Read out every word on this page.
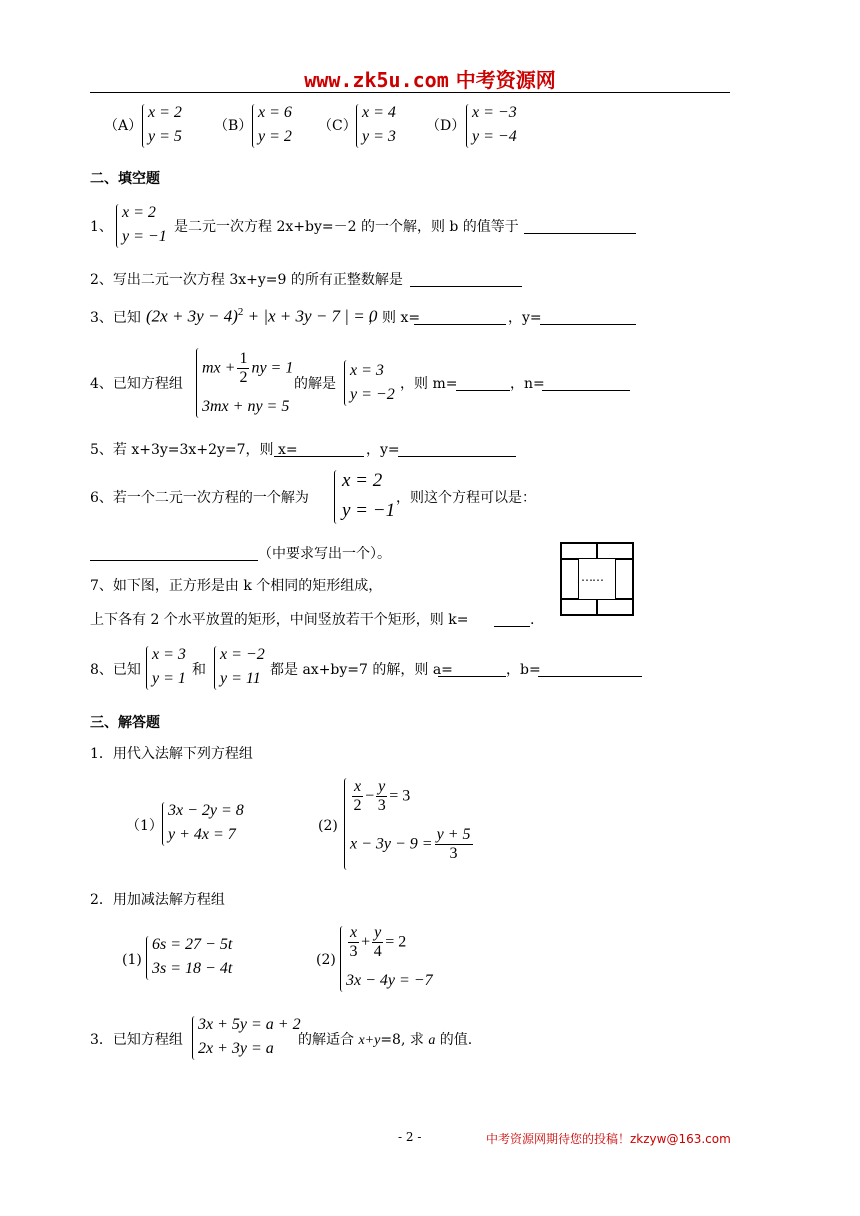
www.zk5u.com 中考资源网
（A）
x = 2
y = 5
（B）
x = 6
y = 2
（C）
x = 4
y = 3
（D）
x = −3
y = −4
二、填空题
1、
x = 2
y = −1
是二元一次方程 2x+by=－2 的一个解，则 b 的值等于
2、写出二元一次方程 3x+y=9 的所有正整数解是
3、已知 $(2x + 3y - 4)^2 + |x + 3y - 7$ | = 0
，则 x=	，y=
4、已知方程组
mx + $\frac{1}{2}$ ny = 1
3mx + ny = 5
的解是
x = 3
y = −2
，则 m=	，n=
5、若 x+3y=3x+2y=7，则 x=	，y=
6、若一个二元一次方程的一个解为
x = 2
y = −1
，则这个方程可以是：
（中要求写出一个）。
7、如下图，正方形是由 k 个相同的矩形组成，
上下各有 2 个水平放置的矩形，中间竖放若干个矩形，则 k=	.
……
8、已知
x = 3
y = 1 和
x = −2
y = 11 都是 ax+by=7 的解，则 a=	，b=
三、解答题
1．用代入法解下列方程组
（1）
3x − 2y = 8
y + 4x = 7	(2)
$\frac{x}{2} - \frac{y}{3} = 3$
$x - 3y - 9 = \frac{y + 5}{3}$
2．用加减法解方程组
(1)
6s = 27 − 5t
3s = 18 − 4t	$(2) \frac{x}{3} + \frac{y}{4} = 2$
3x − 4y = −7
3．已知方程组
3x + 5y = a + 2
2x + 3y = a 的解适合 x+y=8, 求 a 的值.
- 2 -	中考资源网期待您的投稿！zkzyw@163.com
